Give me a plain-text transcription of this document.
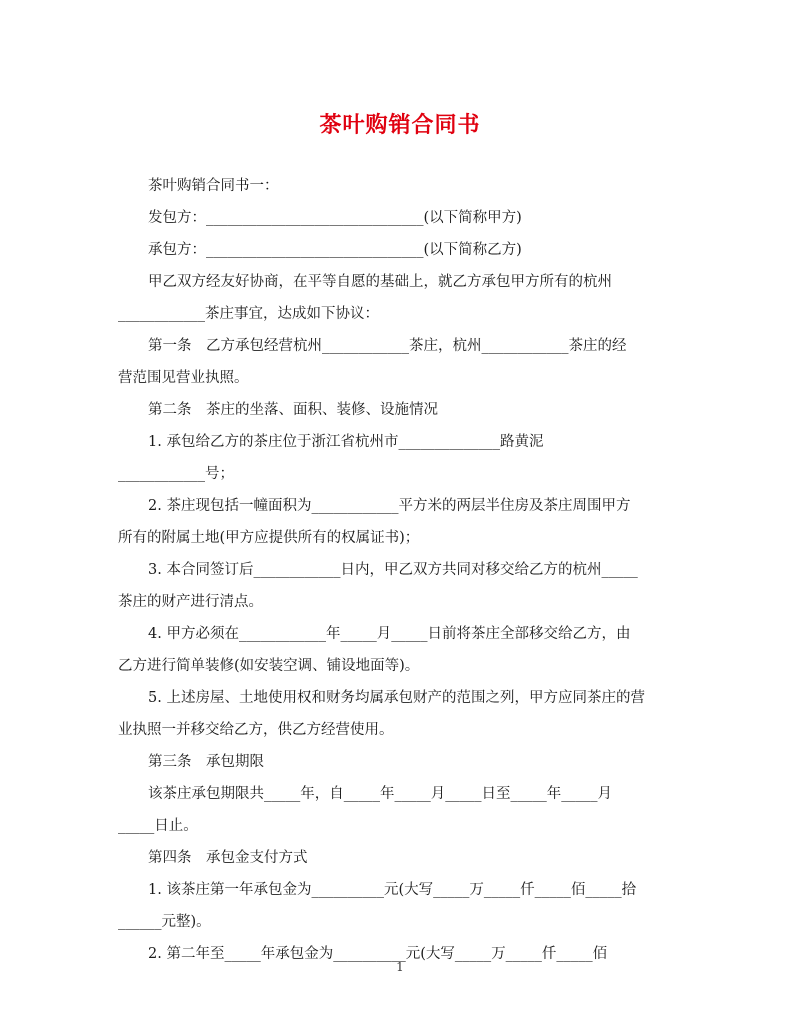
茶叶购销合同书

茶叶购销合同书一：

发包方：______________________________(以下简称甲方)

承包方：______________________________(以下简称乙方)

甲乙双方经友好协商，在平等自愿的基础上，就乙方承包甲方所有的杭州

____________茶庄事宜，达成如下协议：

第一条　乙方承包经营杭州____________茶庄，杭州____________茶庄的经

营范围见营业执照。

第二条　茶庄的坐落、面积、装修、设施情况

1. 承包给乙方的茶庄位于浙江省杭州市______________路黄泥

____________号；

2. 茶庄现包括一幢面积为____________平方米的两层半住房及茶庄周围甲方

所有的附属土地(甲方应提供所有的权属证书)；

3. 本合同签订后____________日内，甲乙双方共同对移交给乙方的杭州_____

茶庄的财产进行清点。

4. 甲方必须在____________年_____月_____日前将茶庄全部移交给乙方，由

乙方进行简单装修(如安装空调、铺设地面等)。

5. 上述房屋、土地使用权和财务均属承包财产的范围之列，甲方应同茶庄的营

业执照一并移交给乙方，供乙方经营使用。

第三条　承包期限

该茶庄承包期限共_____年，自_____年_____月_____日至_____年_____月

_____日止。

第四条　承包金支付方式

1. 该茶庄第一年承包金为__________元(大写_____万_____仟_____佰_____拾

______元整)。

2. 第二年至_____年承包金为__________元(大写_____万_____仟_____佰

1
